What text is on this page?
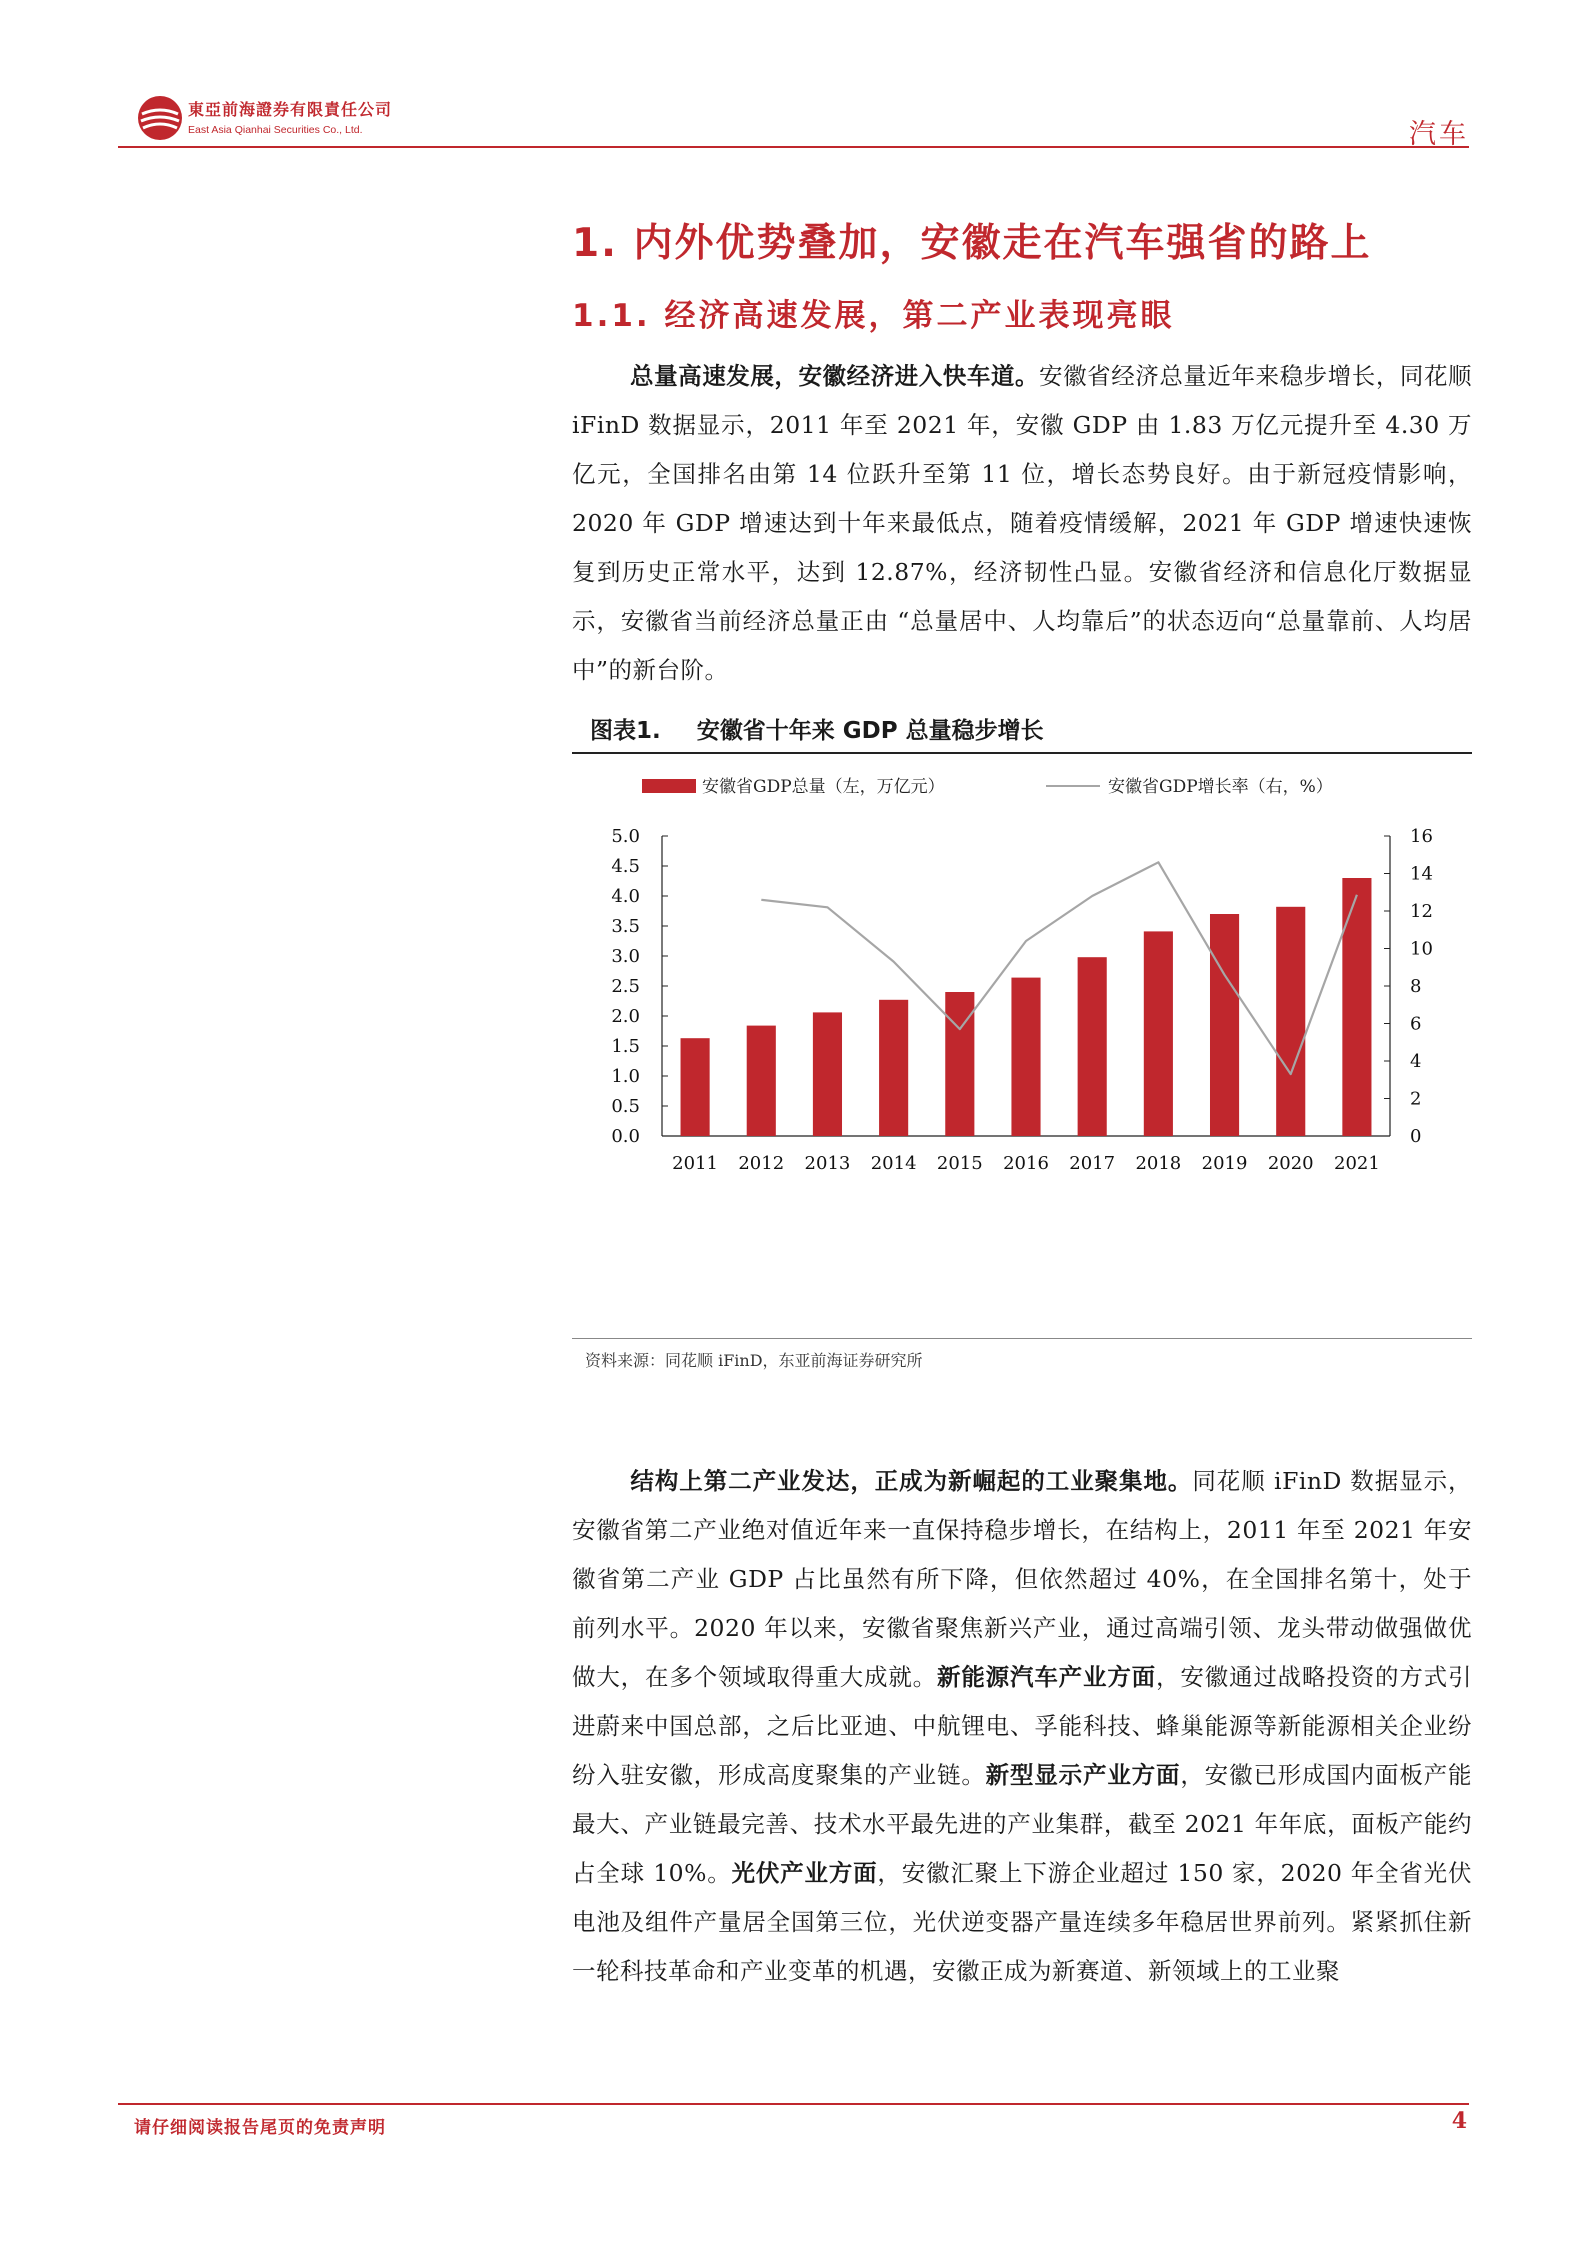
東亞前海證券有限責任公司
East Asia Qianhai Securities Co., Ltd.	汽车
1. 内外优势叠加，安徽走在汽车强省的路上
1.1. 经济高速发展，第二产业表现亮眼
总量高速发展，安徽经济进入快车道。安徽省经济总量近年来稳步增长，同花顺 iFinD 数据显示，2011 年至 2021 年，安徽 GDP 由 1.83 万亿元提升至 4.30 万亿元，全国排名由第 14 位跃升至第 11 位，增长态势良好。由于新冠疫情影响，2020 年 GDP 增速达到十年来最低点，随着疫情缓解，2021 年 GDP 增速快速恢复到历史正常水平，达到 12.87%，经济韧性凸显。安徽省经济和信息化厅数据显示，安徽省当前经济总量正由 “总量居中、人均靠后”的状态迈向“总量靠前、人均居中”的新台阶。
图表1. 安徽省十年来 GDP 总量稳步增长
安徽省GDP总量（左，万亿元）	安徽省GDP增长率（右，%）
0.0
0.5
1.0
1.5
2.0
2.5
3.0
3.5
4.0
4.5
5.0
0
2
4
6
8
10
12
14
16
2011 2012 2013 2014 2015 2016 2017 2018 2019 2020 2021
资料来源：同花顺 iFinD，东亚前海证券研究所
结构上第二产业发达，正成为新崛起的工业聚集地。同花顺 iFinD 数据显示，安徽省第二产业绝对值近年来一直保持稳步增长，在结构上，2011 年至 2021 年安徽省第二产业 GDP 占比虽然有所下降，但依然超过 40%，在全国排名第十，处于前列水平。2020 年以来，安徽省聚焦新兴产业，通过高端引领、龙头带动做强做优做大，在多个领域取得重大成就。新能源汽车产业方面，安徽通过战略投资的方式引进蔚来中国总部，之后比亚迪、中航锂电、孚能科技、蜂巢能源等新能源相关企业纷纷入驻安徽，形成高度聚集的产业链。新型显示产业方面，安徽已形成国内面板产能最大、产业链最完善、技术水平最先进的产业集群，截至 2021 年年底，面板产能约占全球 10%。光伏产业方面，安徽汇聚上下游企业超过 150 家，2020 年全省光伏电池及组件产量居全国第三位，光伏逆变器产量连续多年稳居世界前列。紧紧抓住新一轮科技革命和产业变革的机遇，安徽正成为新赛道、新领域上的工业聚
请仔细阅读报告尾页的免责声明	4
